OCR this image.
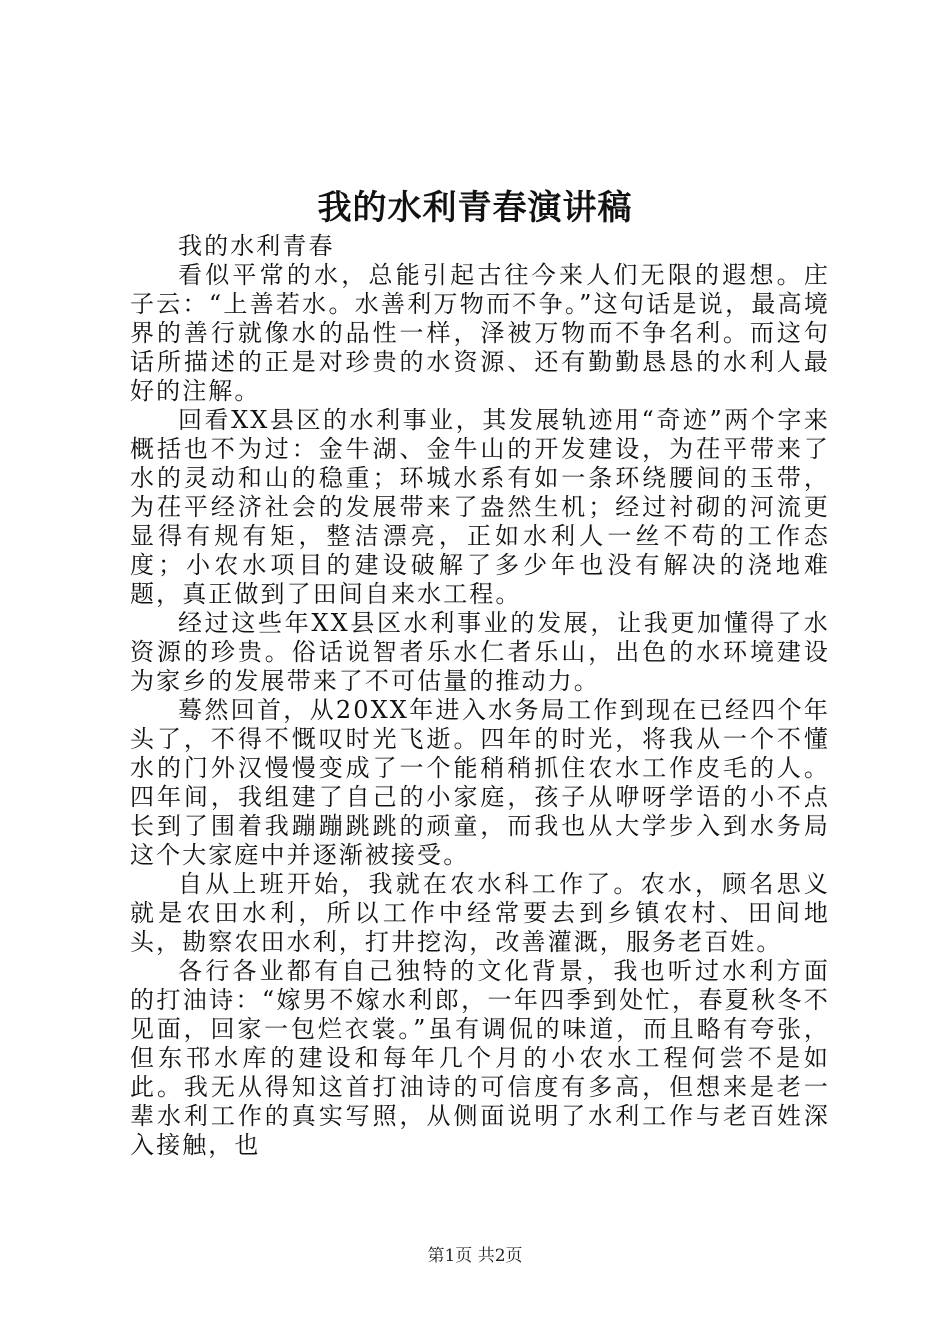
我的水利青春演讲稿

我的水利青春

看似平常的水，总能引起古往今来人们无限的遐想。庄子云：“上善若水。水善利万物而不争。”这句话是说，最高境界的善行就像水的品性一样，泽被万物而不争名利。而这句话所描述的正是对珍贵的水资源、还有勤勤恳恳的水利人最好的注解。

回看XX县区的水利事业，其发展轨迹用“奇迹”两个字来概括也不为过：金牛湖、金牛山的开发建设，为茌平带来了水的灵动和山的稳重；环城水系有如一条环绕腰间的玉带，为茌平经济社会的发展带来了盎然生机；经过衬砌的河流更显得有规有矩，整洁漂亮，正如水利人一丝不苟的工作态度；小农水项目的建设破解了多少年也没有解决的浇地难题，真正做到了田间自来水工程。

经过这些年XX县区水利事业的发展，让我更加懂得了水资源的珍贵。俗话说智者乐水仁者乐山，出色的水环境建设为家乡的发展带来了不可估量的推动力。

蓦然回首，从20XX年进入水务局工作到现在已经四个年头了，不得不慨叹时光飞逝。四年的时光，将我从一个不懂水的门外汉慢慢变成了一个能稍稍抓住农水工作皮毛的人。四年间，我组建了自己的小家庭，孩子从咿呀学语的小不点长到了围着我蹦蹦跳跳的顽童，而我也从大学步入到水务局这个大家庭中并逐渐被接受。

自从上班开始，我就在农水科工作了。农水，顾名思义就是农田水利，所以工作中经常要去到乡镇农村、田间地头，勘察农田水利，打井挖沟，改善灌溉，服务老百姓。

各行各业都有自己独特的文化背景，我也听过水利方面的打油诗：“嫁男不嫁水利郎，一年四季到处忙，春夏秋冬不见面，回家一包烂衣裳。”虽有调侃的味道，而且略有夸张，但东邗水库的建设和每年几个月的小农水工程何尝不是如此。我无从得知这首打油诗的可信度有多高，但想来是老一辈水利工作的真实写照，从侧面说明了水利工作与老百姓深入接触，也

第1页 共2页
